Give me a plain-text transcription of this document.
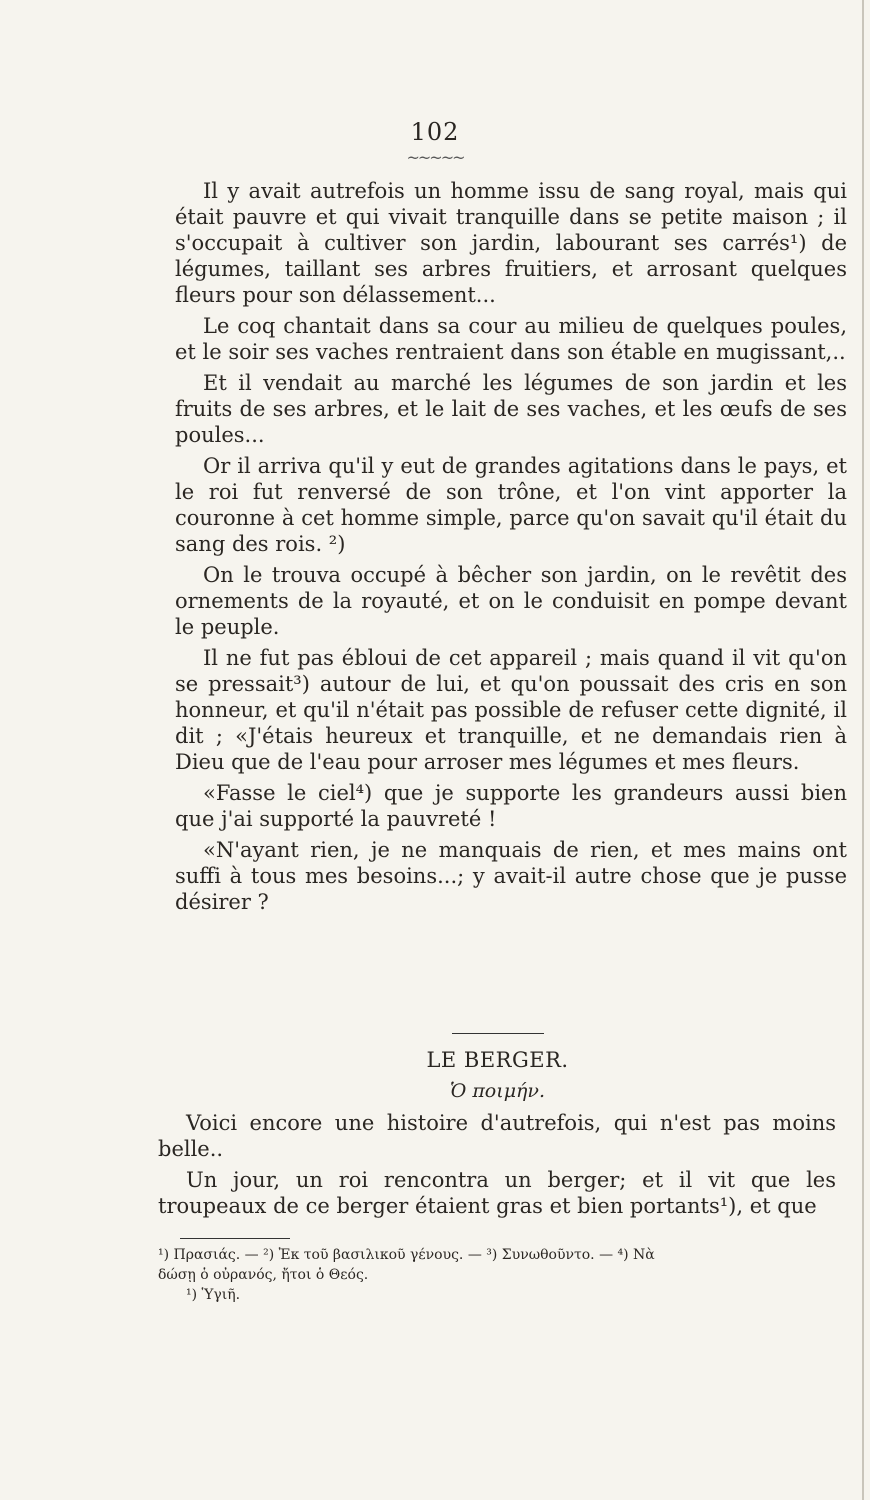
102
~~~~~

Il y avait autrefois un homme issu de sang royal, mais qui était pauvre et qui vivait tranquille dans se petite maison ; il s'occupait à cultiver son jardin, labourant ses carrés¹) de légumes, taillant ses arbres fruitiers, et arrosant quelques fleurs pour son délassement...

Le coq chantait dans sa cour au milieu de quelques poules, et le soir ses vaches rentraient dans son étable en mugissant,..

Et il vendait au marché les légumes de son jardin et les fruits de ses arbres, et le lait de ses vaches, et les œufs de ses poules...

Or il arriva qu'il y eut de grandes agitations dans le pays, et le roi fut renversé de son trône, et l'on vint apporter la couronne à cet homme simple, parce qu'on savait qu'il était du sang des rois. ²)

On le trouva occupé à bêcher son jardin, on le revêtit des ornements de la royauté, et on le conduisit en pompe devant le peuple.

Il ne fut pas ébloui de cet appareil ; mais quand il vit qu'on se pressait³) autour de lui, et qu'on poussait des cris en son honneur, et qu'il n'était pas possible de refuser cette dignité, il dit ; «J'étais heureux et tranquille, et ne demandais rien à Dieu que de l'eau pour arroser mes légumes et mes fleurs.

«Fasse le ciel⁴) que je supporte les grandeurs aussi bien que j'ai supporté la pauvreté !

«N'ayant rien, je ne manquais de rien, et mes mains ont suffi à tous mes besoins...; y avait-il autre chose que je pusse désirer ?

LE BERGER.
Ὁ ποιμήν.

Voici encore une histoire d'autrefois, qui n'est pas moins belle..

Un jour, un roi rencontra un berger; et il vit que les troupeaux de ce berger étaient gras et bien portants¹), et que

¹) Πρασιάς. — ²) Ἐκ τοῦ βασιλικοῦ γένους. — ³) Συνωθοῦντο. — ⁴) Νὰ
δώσῃ ὁ οὐρανός, ἤτοι ὁ Θεός.
¹) Ὑγιῆ.
